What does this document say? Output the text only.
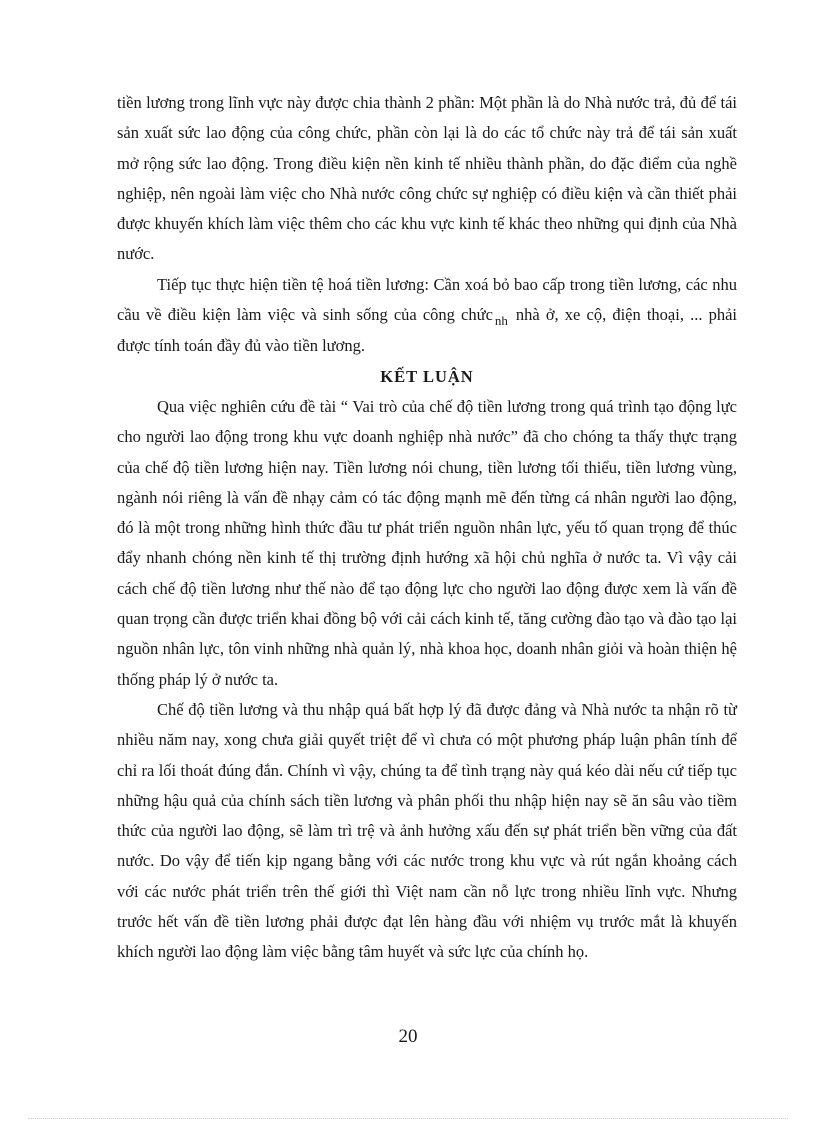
tiền lương trong lĩnh vực này được chia thành 2 phần: Một phần là do Nhà nước trả, đủ để tái sản xuất sức lao động của công chức, phần còn lại là do các tổ chức này trả để tái sản xuất mở rộng sức lao động. Trong điều kiện nền kinh tế nhiều thành phần, do đặc điểm của nghề nghiệp, nên ngoài làm việc cho Nhà nước công chức sự nghiệp có điều kiện và cần thiết phải được khuyến khích làm việc thêm cho các khu vực kinh tế khác theo những qui định của Nhà nước.

Tiếp tục thực hiện tiền tệ hoá tiền lương: Cần xoá bỏ bao cấp trong tiền lương, các nhu cầu về điều kiện làm việc và sinh sống của công chức $_{nh}$ nhà ở, xe cộ, điện thoại, ... phải được tính toán đầy đủ vào tiền lương.

KẾT LUẬN

Qua việc nghiên cứu đề tài “ Vai trò của chế độ tiền lương trong quá trình tạo động lực cho người lao động trong khu vực doanh nghiệp nhà nước” đã cho chóng ta thấy thực trạng của chế độ tiền lương hiện nay. Tiền lương nói chung, tiền lương tối thiểu, tiền lương vùng, ngành nói riêng là vấn đề nhạy cảm có tác động mạnh mẽ đến từng cá nhân người lao động, đó là một trong những hình thức đầu tư phát triển nguồn nhân lực, yếu tố quan trọng để thúc đẩy nhanh chóng nền kinh tế thị trường định hướng xã hội chủ nghĩa ở nước ta. Vì vậy cải cách chế độ tiền lương như thế nào để tạo động lực cho người lao động được xem là vấn đề quan trọng cần được triển khai đồng bộ với cải cách kinh tế, tăng cường đào tạo và đào tạo lại nguồn nhân lực, tôn vinh những nhà quản lý, nhà khoa học, doanh nhân giỏi và hoàn thiện hệ thống pháp lý ở nước ta.

Chế độ tiền lương và thu nhập quá bất hợp lý đã được đảng và Nhà nước ta nhận rõ từ nhiều năm nay, xong chưa giải quyết triệt để vì chưa có một phương pháp luận phân tính để chỉ ra lối thoát đúng đắn. Chính vì vậy, chúng ta để tình trạng này quá kéo dài nếu cứ tiếp tục những hậu quả của chính sách tiền lương và phân phối thu nhập hiện nay sẽ ăn sâu vào tiềm thức của người lao động, sẽ làm trì trệ và ảnh hưởng xấu đến sự phát triển bền vững của đất nước. Do vậy để tiến kịp ngang bằng với các nước trong khu vực và rút ngắn khoảng cách với các nước phát triển trên thế giới thì Việt nam cần nỗ lực trong nhiều lĩnh vực. Nhưng trước hết vấn đề tiền lương phải được đạt lên hàng đầu với nhiệm vụ trước mắt là khuyến khích người lao động làm việc bằng tâm huyết và sức lực của chính họ.

20
